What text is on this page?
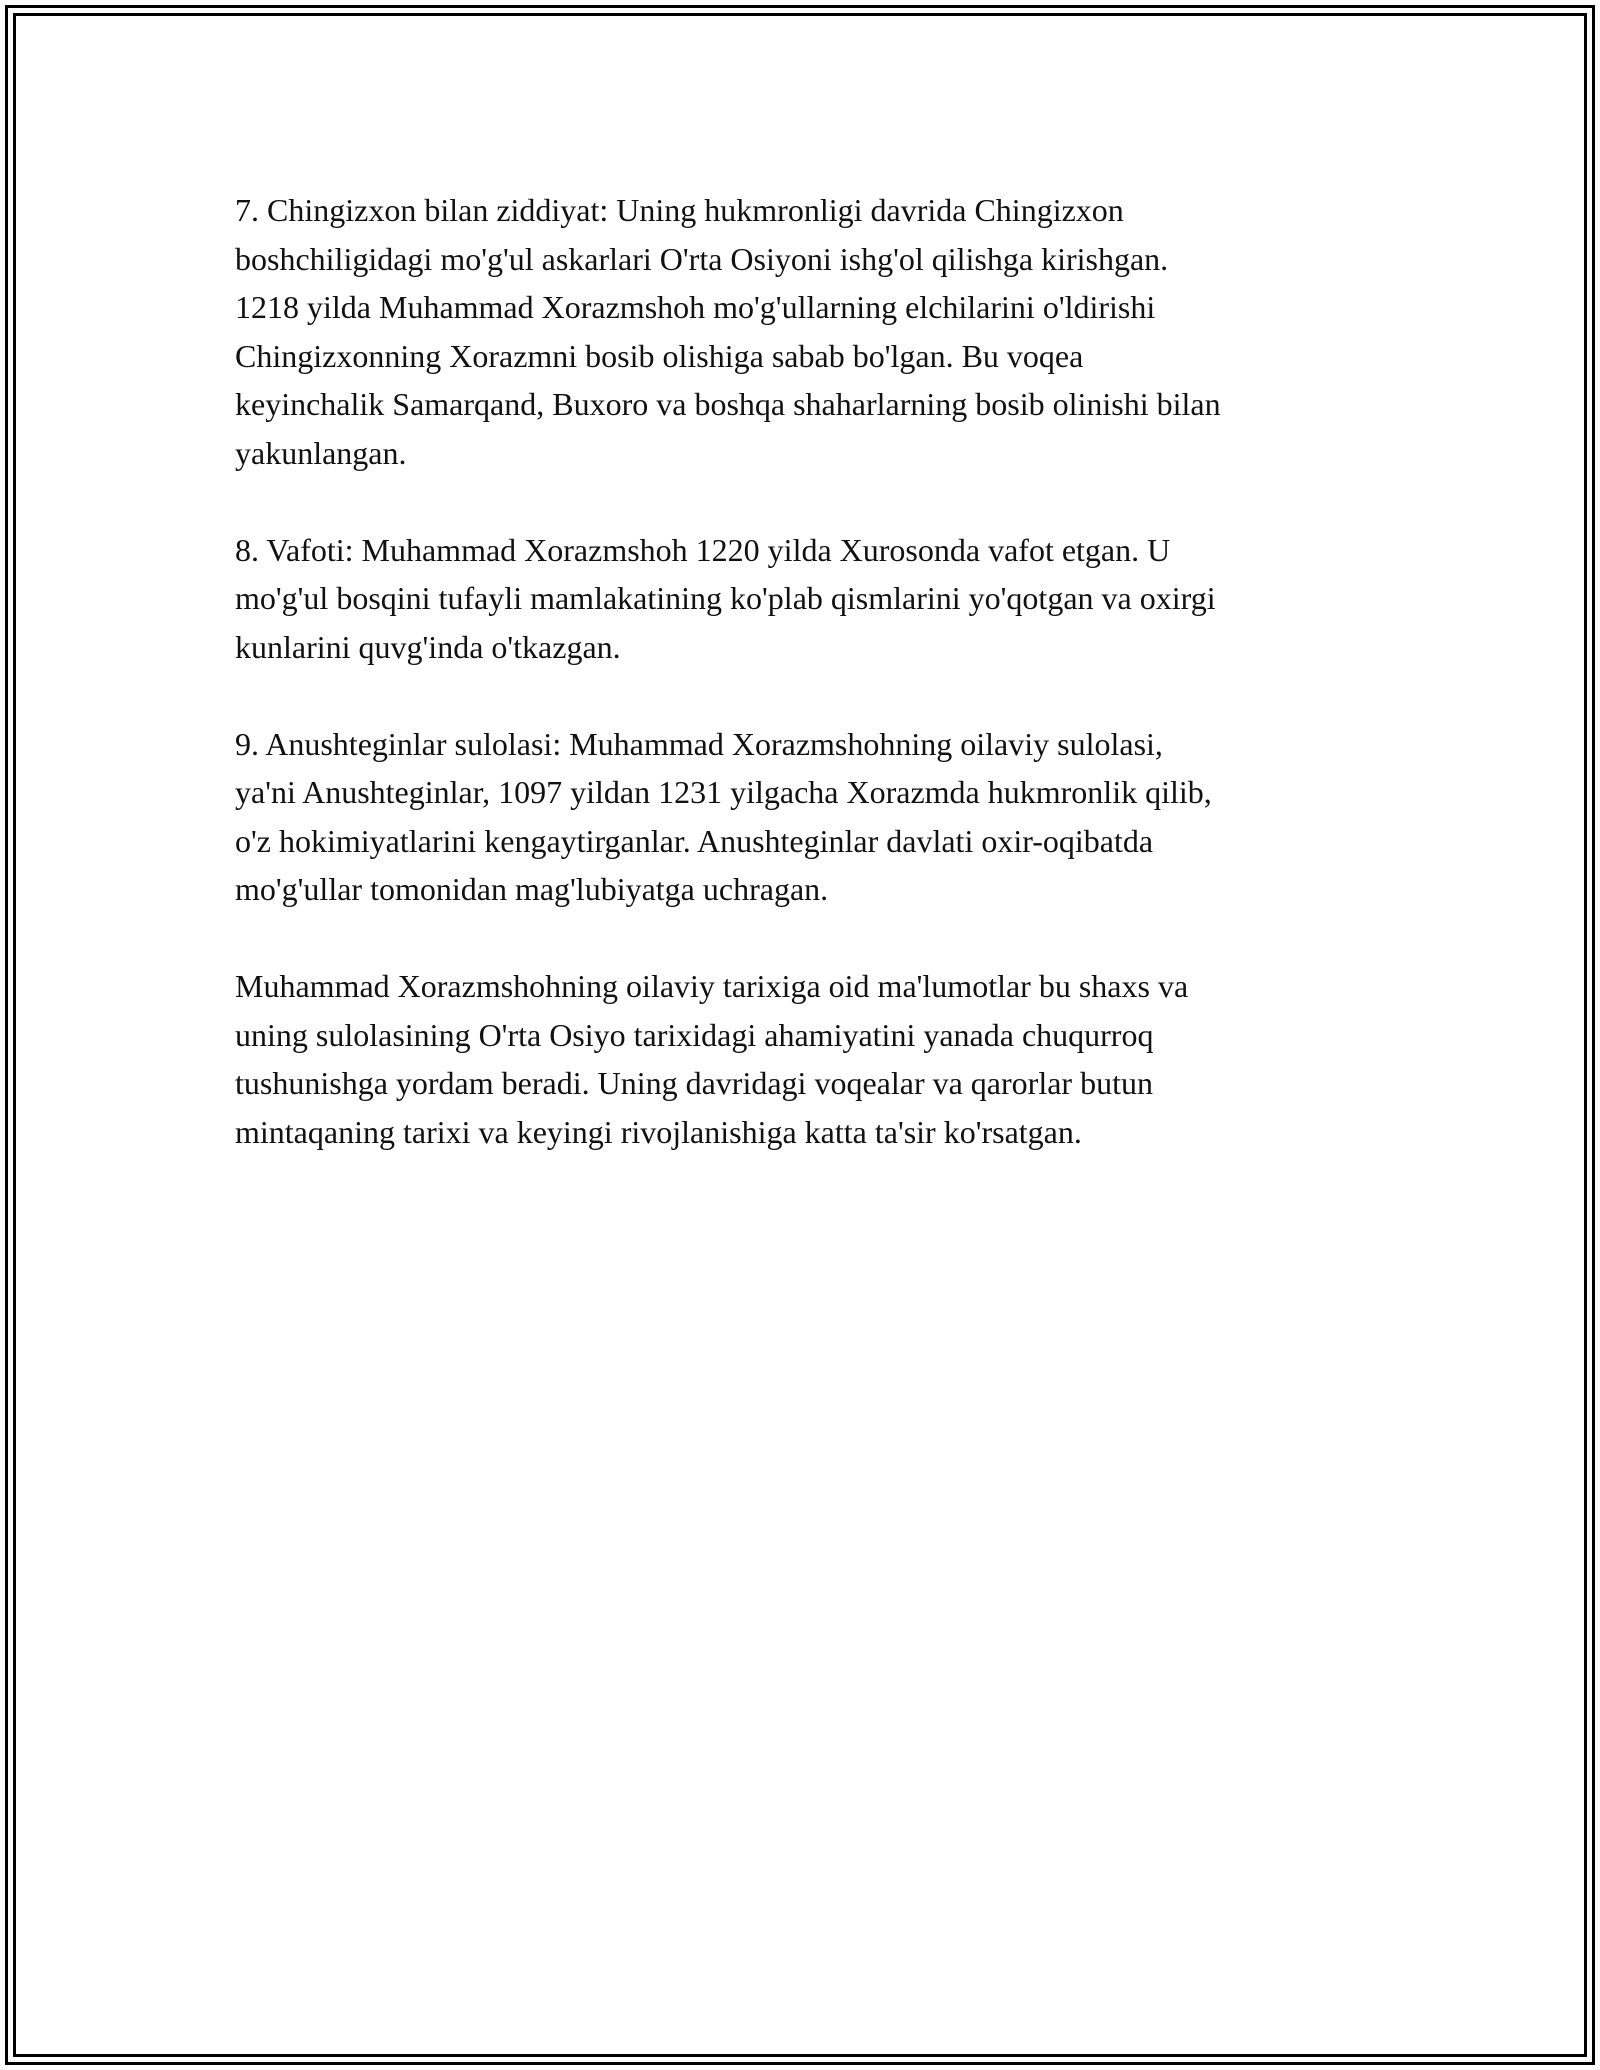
7. Chingizxon bilan ziddiyat: Uning hukmronligi davrida Chingizxon
boshchiligidagi mo'g'ul askarlari O'rta Osiyoni ishg'ol qilishga kirishgan.
1218 yilda Muhammad Xorazmshoh mo'g'ullarning elchilarini o'ldirishi
Chingizxonning Xorazmni bosib olishiga sabab bo'lgan. Bu voqea
keyinchalik Samarqand, Buxoro va boshqa shaharlarning bosib olinishi bilan
yakunlangan.

8. Vafoti: Muhammad Xorazmshoh 1220 yilda Xurosonda vafot etgan. U
mo'g'ul bosqini tufayli mamlakatining ko'plab qismlarini yo'qotgan va oxirgi
kunlarini quvg'inda o'tkazgan.

9. Anushteginlar sulolasi: Muhammad Xorazmshohning oilaviy sulolasi,
ya'ni Anushteginlar, 1097 yildan 1231 yilgacha Xorazmda hukmronlik qilib,
o'z hokimiyatlarini kengaytirganlar. Anushteginlar davlati oxir-oqibatda
mo'g'ullar tomonidan mag'lubiyatga uchragan.

Muhammad Xorazmshohning oilaviy tarixiga oid ma'lumotlar bu shaxs va
uning sulolasining O'rta Osiyo tarixidagi ahamiyatini yanada chuqurroq
tushunishga yordam beradi. Uning davridagi voqealar va qarorlar butun
mintaqaning tarixi va keyingi rivojlanishiga katta ta'sir ko'rsatgan.
